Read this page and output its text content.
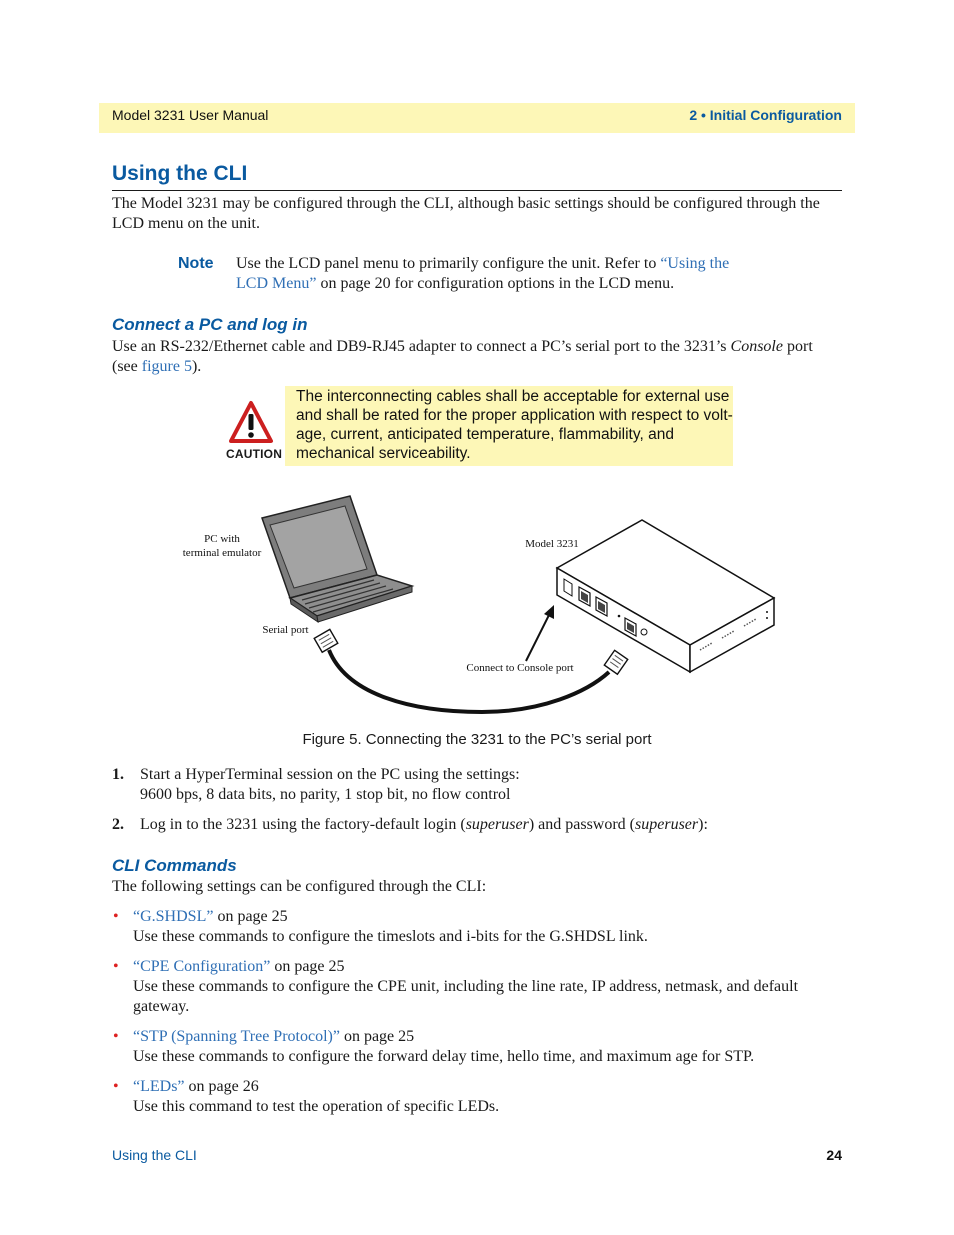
Model 3231 User Manual	2 • Initial Configuration
Using the CLI
The Model 3231 may be configured through the CLI, although basic settings should be configured through the LCD menu on the unit.
Note Use the LCD panel menu to primarily configure the unit. Refer to “Using the LCD Menu” on page 20 for configuration options in the LCD menu.
Connect a PC and log in
Use an RS-232/Ethernet cable and DB9-RJ45 adapter to connect a PC’s serial port to the 3231’s Console port (see figure 5).
CAUTION
The interconnecting cables shall be acceptable for external use and shall be rated for the proper application with respect to volt-age, current, anticipated temperature, flammability, and mechanical serviceability.
PC with
terminal emulator
Model 3231
Serial port
Connect to Console port
Figure 5. Connecting the 3231 to the PC’s serial port
1. Start a HyperTerminal session on the PC using the settings:
9600 bps, 8 data bits, no parity, 1 stop bit, no flow control
2. Log in to the 3231 using the factory-default login (superuser) and password (superuser):
CLI Commands
The following settings can be configured through the CLI:
• “G.SHDSL” on page 25
Use these commands to configure the timeslots and i-bits for the G.SHDSL link.
• “CPE Configuration” on page 25
Use these commands to configure the CPE unit, including the line rate, IP address, netmask, and default gateway.
• “STP (Spanning Tree Protocol)” on page 25
Use these commands to configure the forward delay time, hello time, and maximum age for STP.
• “LEDs” on page 26
Use this command to test the operation of specific LEDs.
Using the CLI	24
